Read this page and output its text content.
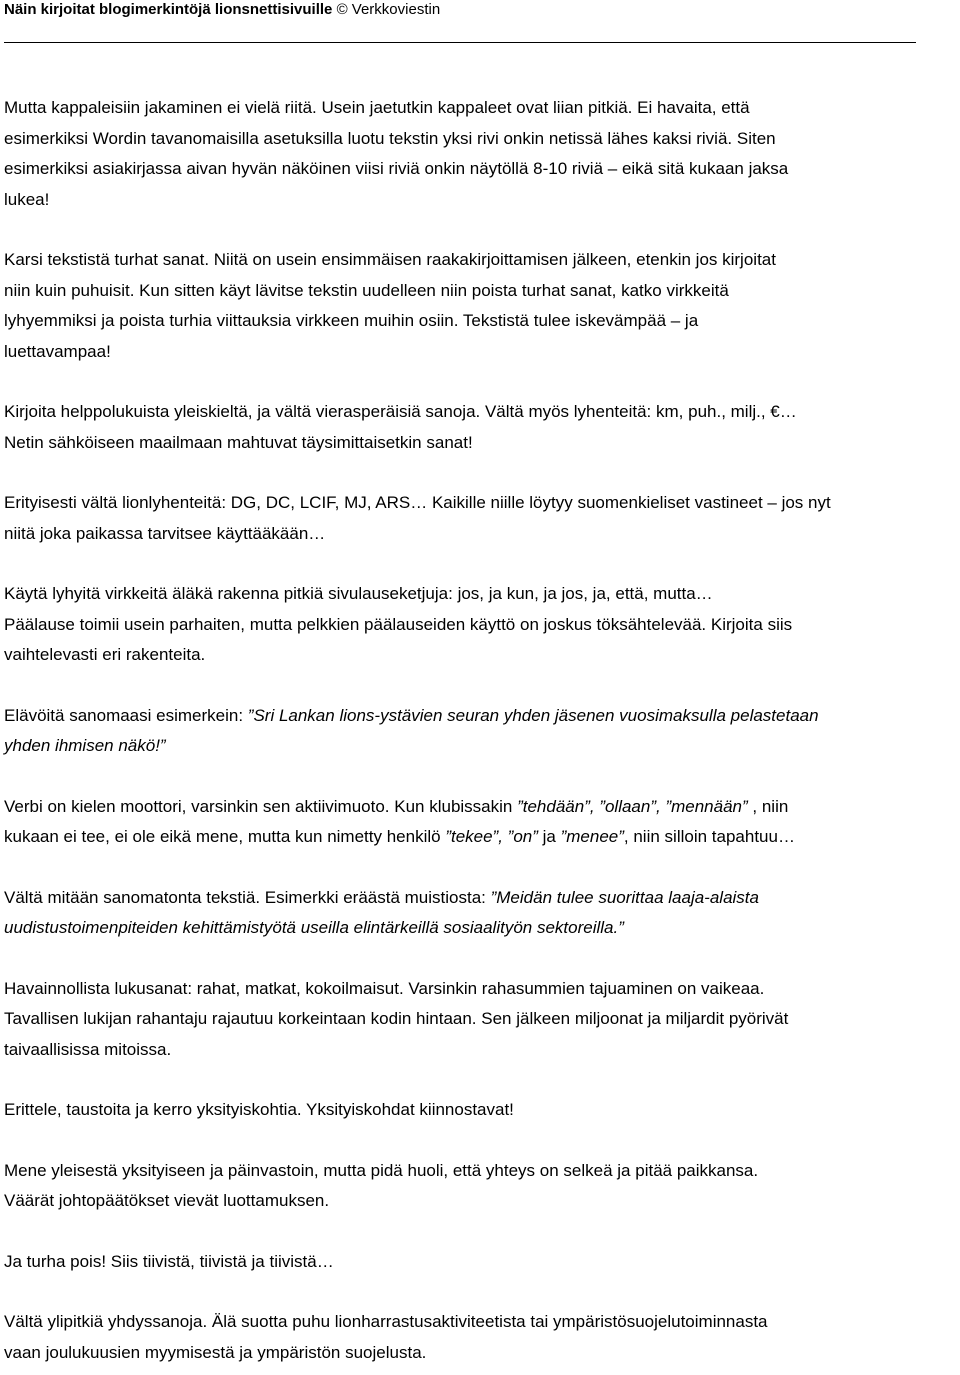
Näin kirjoitat blogimerkintöjä lionsnettisivuille © Verkkoviestin
Mutta kappaleisiin jakaminen ei vielä riitä. Usein jaetutkin kappaleet ovat liian pitkiä. Ei havaita, että
esimerkiksi Wordin tavanomaisilla asetuksilla luotu tekstin yksi rivi onkin netissä lähes kaksi riviä. Siten
esimerkiksi asiakirjassa aivan hyvän näköinen viisi riviä onkin näytöllä 8-10 riviä – eikä sitä kukaan jaksa
lukea!
Karsi tekstistä turhat sanat. Niitä on usein ensimmäisen raakakirjoittamisen jälkeen, etenkin jos kirjoitat
niin kuin puhuisit. Kun sitten käyt lävitse tekstin uudelleen niin poista turhat sanat, katko virkkeitä
lyhyemmiksi ja poista turhia viittauksia virkkeen muihin osiin. Tekstistä tulee iskevämpää – ja
luettavampaa!
Kirjoita helppolukuista yleiskieltä, ja vältä vierasperäisiä sanoja. Vältä myös lyhenteitä: km, puh., milj., €…
Netin sähköiseen maailmaan mahtuvat täysimittaisetkin sanat!
Erityisesti vältä lionlyhenteitä: DG, DC, LCIF, MJ, ARS… Kaikille niille löytyy suomenkieliset vastineet – jos nyt
niitä joka paikassa tarvitsee käyttääkään…
Käytä lyhyitä virkkeitä äläkä rakenna pitkiä sivulauseketjuja: jos, ja kun, ja jos, ja, että, mutta…
Päälause toimii usein parhaiten, mutta pelkkien päälauseiden käyttö on joskus töksähtelevää. Kirjoita siis
vaihtelevasti eri rakenteita.
Elävöitä sanomaasi esimerkein: ”Sri Lankan lions-ystävien seuran yhden jäsenen vuosimaksulla pelastetaan
yhden ihmisen näkö!”
Verbi on kielen moottori, varsinkin sen aktiivimuoto. Kun klubissakin ”tehdään”, ”ollaan”, ”mennään” , niin
kukaan ei tee, ei ole eikä mene, mutta kun nimetty henkilö ”tekee”, ”on” ja ”menee”, niin silloin tapahtuu…
Vältä mitään sanomatonta tekstiä. Esimerkki eräästä muistiosta: ”Meidän tulee suorittaa laaja-alaista
uudistustoimenpiteiden kehittämistyötä useilla elintärkeillä sosiaalityön sektoreilla.”
Havainnollista lukusanat: rahat, matkat, kokoilmaisut. Varsinkin rahasummien tajuaminen on vaikeaa.
Tavallisen lukijan rahantaju rajautuu korkeintaan kodin hintaan. Sen jälkeen miljoonat ja miljardit pyörivät
taivaallisissa mitoissa.
Erittele, taustoita ja kerro yksityiskohtia. Yksityiskohdat kiinnostavat!
Mene yleisestä yksityiseen ja päinvastoin, mutta pidä huoli, että yhteys on selkeä ja pitää paikkansa.
Väärät johtopäätökset vievät luottamuksen.
Ja turha pois! Siis tiivistä, tiivistä ja tiivistä…
Vältä ylipitkiä yhdyssanoja. Älä suotta puhu lionharrastusaktiviteetista tai ympäristösuojelutoiminnasta
vaan joulukuusien myymisestä ja ympäristön suojelusta.
